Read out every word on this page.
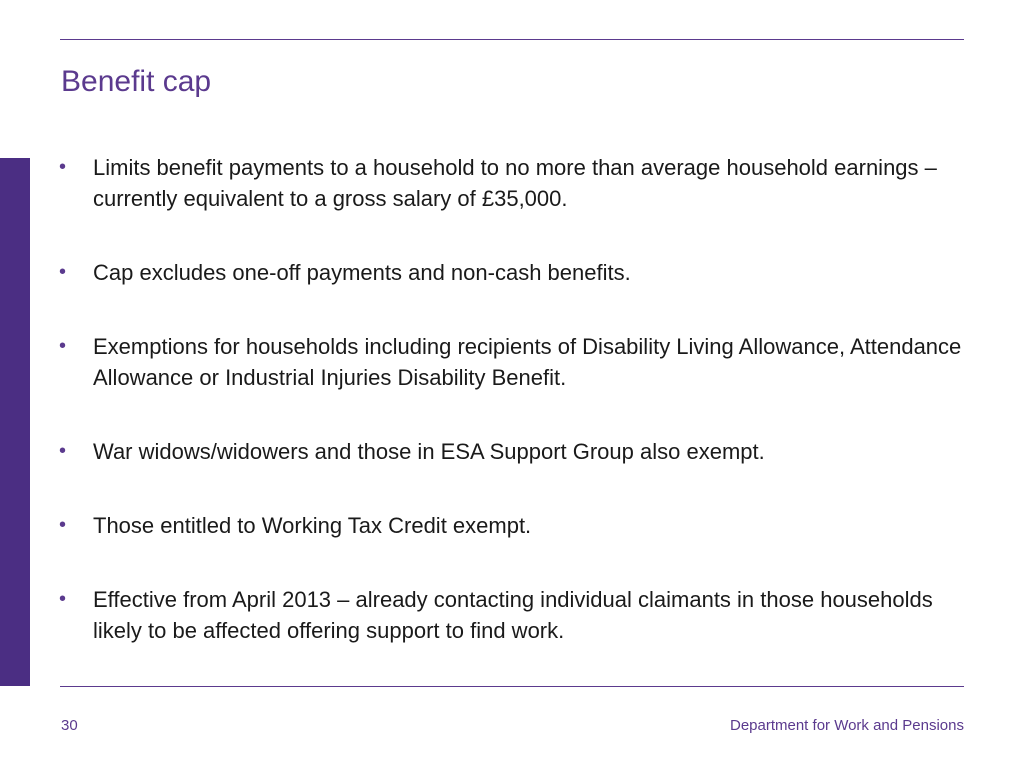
Benefit cap
•	Limits benefit payments to a household to no more than average household earnings – currently equivalent to a gross salary of £35,000.
•	Cap excludes one-off payments and non-cash benefits.
•	Exemptions for households including recipients of Disability Living Allowance, Attendance Allowance or Industrial Injuries Disability Benefit.
•	War widows/widowers and those in ESA Support Group also exempt.
•	Those entitled to Working Tax Credit exempt.
•	Effective from April 2013 – already contacting individual claimants in those households likely to be affected offering support to find work.
30	Department for Work and Pensions
